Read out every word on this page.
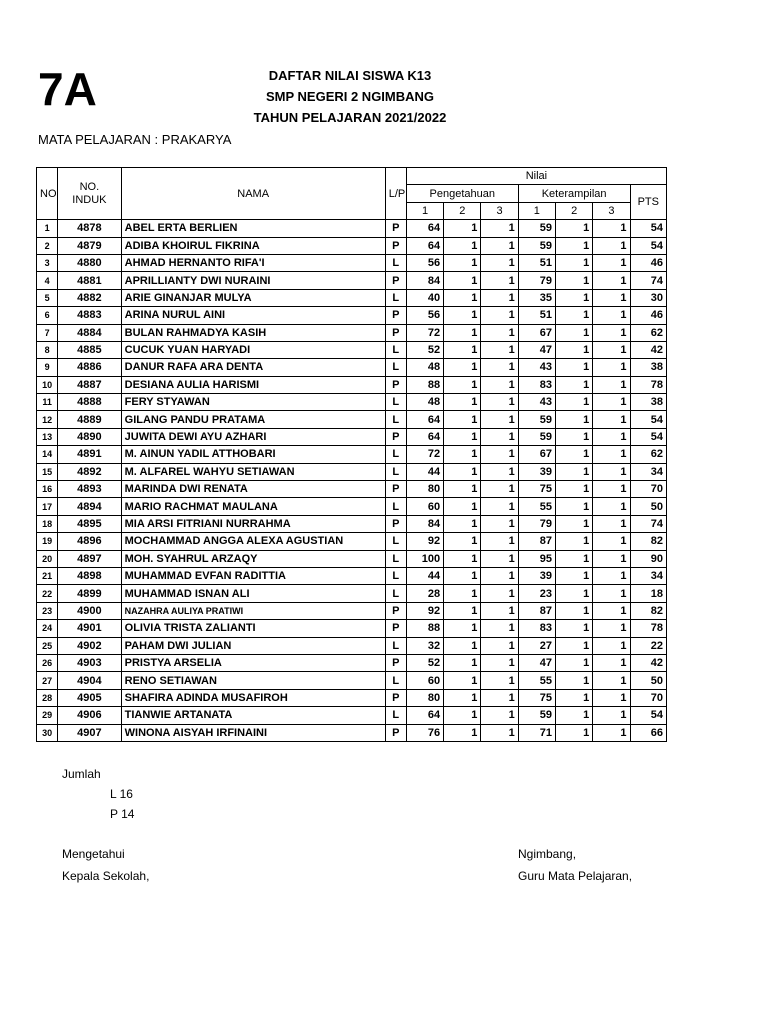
7A	DAFTAR NILAI SISWA K13
SMP NEGERI 2 NGIMBANG
TAHUN PELAJARAN 2021/2022
MATA PELAJARAN : PRAKARYA
NO	NO. INDUK	NAMA	L/P	Nilai						
				Pengetahuan			Keterampilan			PTS
				1	2	3	1	2	3	
1	4878	ABEL ERTA BERLIEN	P	64	1	1	59	1	1	54
2	4879	ADIBA KHOIRUL FIKRINA	P	64	1	1	59	1	1	54
3	4880	AHMAD HERNANTO RIFA'I	L	56	1	1	51	1	1	46
4	4881	APRILLIANTY DWI NURAINI	P	84	1	1	79	1	1	74
5	4882	ARIE GINANJAR MULYA	L	40	1	1	35	1	1	30
6	4883	ARINA NURUL AINI	P	56	1	1	51	1	1	46
7	4884	BULAN RAHMADYA KASIH	P	72	1	1	67	1	1	62
8	4885	CUCUK YUAN HARYADI	L	52	1	1	47	1	1	42
9	4886	DANUR RAFA ARA DENTA	L	48	1	1	43	1	1	38
10	4887	DESIANA AULIA HARISMI	P	88	1	1	83	1	1	78
11	4888	FERY STYAWAN	L	48	1	1	43	1	1	38
12	4889	GILANG PANDU PRATAMA	L	64	1	1	59	1	1	54
13	4890	JUWITA DEWI AYU AZHARI	P	64	1	1	59	1	1	54
14	4891	M. AINUN YADIL ATTHOBARI	L	72	1	1	67	1	1	62
15	4892	M. ALFAREL WAHYU SETIAWAN	L	44	1	1	39	1	1	34
16	4893	MARINDA DWI RENATA	P	80	1	1	75	1	1	70
17	4894	MARIO RACHMAT MAULANA	L	60	1	1	55	1	1	50
18	4895	MIA ARSI FITRIANI NURRAHMA	P	84	1	1	79	1	1	74
19	4896	MOCHAMMAD ANGGA ALEXA AGUSTIAN	L	92	1	1	87	1	1	82
20	4897	MOH. SYAHRUL ARZAQY	L	100	1	1	95	1	1	90
21	4898	MUHAMMAD EVFAN RADITTIA	L	44	1	1	39	1	1	34
22	4899	MUHAMMAD ISNAN ALI	L	28	1	1	23	1	1	18
23	4900	NAZAHRA AULIYA PRATIWI	P	92	1	1	87	1	1	82
24	4901	OLIVIA TRISTA ZALIANTI	P	88	1	1	83	1	1	78
25	4902	PAHAM DWI JULIAN	L	32	1	1	27	1	1	22
26	4903	PRISTYA ARSELIA	P	52	1	1	47	1	1	42
27	4904	RENO SETIAWAN	L	60	1	1	55	1	1	50
28	4905	SHAFIRA ADINDA MUSAFIROH	P	80	1	1	75	1	1	70
29	4906	TIANWIE ARTANATA	L	64	1	1	59	1	1	54
30	4907	WINONA AISYAH IRFINAINI	P	76	1	1	71	1	1	66
Jumlah
L 16
P 14
Mengetahui
Kepala Sekolah,
Ngimbang,
Guru Mata Pelajaran,
